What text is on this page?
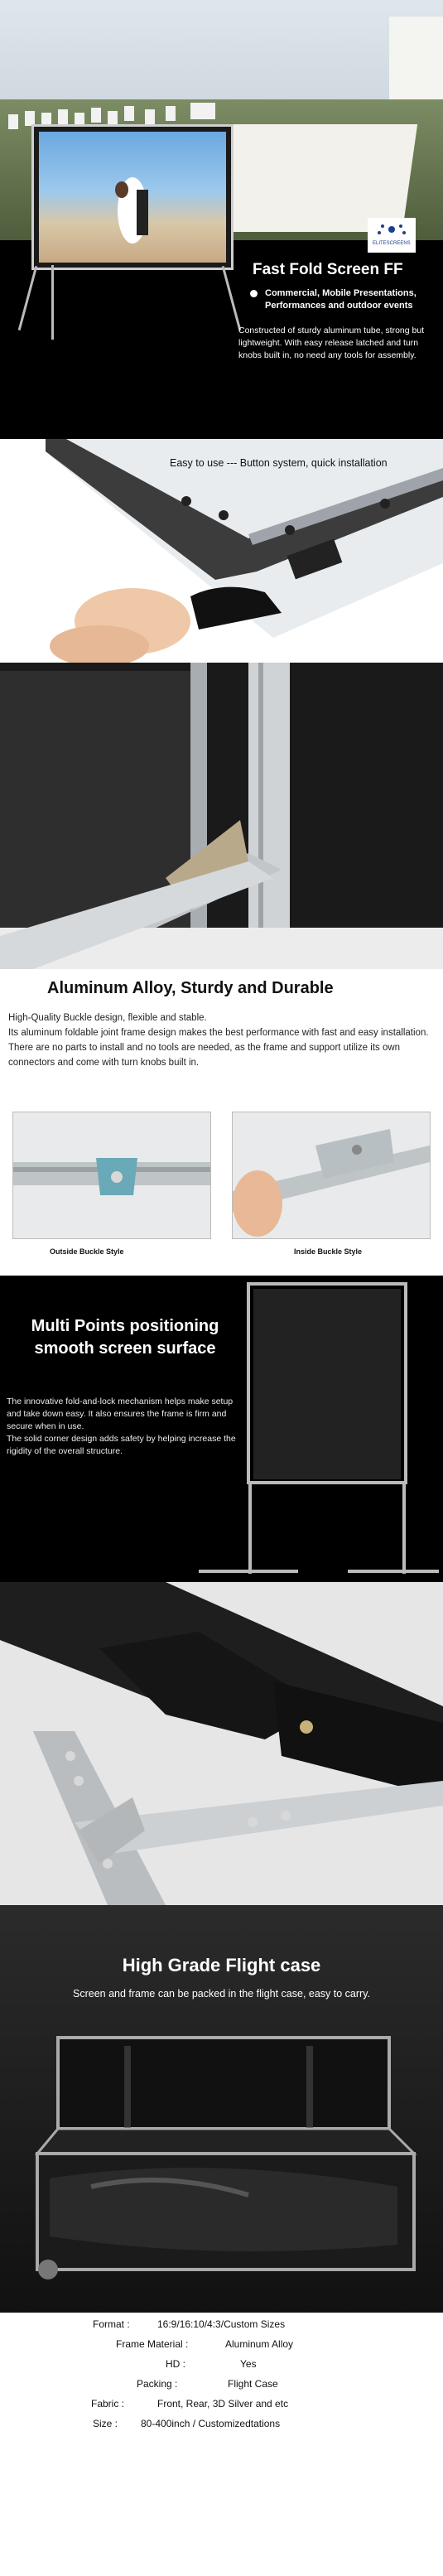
ELITESCREENS
Fast Fold Screen FF
Commercial, Mobile Presentations, Performances and outdoor events
Constructed of sturdy aluminum tube, strong but lightweight. With easy release latched and turn knobs built in, no need any tools for assembly.
Easy to use --- Button system, quick installation
Aluminum Alloy, Sturdy and Durable

High-Quality Buckle design, flexible and stable.

Its aluminum foldable joint frame design makes the best performance with fast and easy installation. There are no parts to install and no tools are needed, as the frame and support utilize its own connectors and come with turn knobs built in.

Outside Buckle Style	Inside Buckle Style
Multi Points positioning smooth screen surface

The innovative fold-and-lock mechanism helps make setup and take down easy. It also ensures the frame is firm and secure when in use.

The solid corner design adds safety by helping increase the rigidity of the overall structure.

High Grade Flight case

Screen and frame can be packed in the flight case, easy to carry.

Format :	16:9/16:10/4:3/Custom Sizes
Frame Material :	Aluminum Alloy
HD :	Yes
Packing :	Flight Case
Fabric :	Front, Rear, 3D Silver and etc
Size : 80-400inch / Customizedtations
